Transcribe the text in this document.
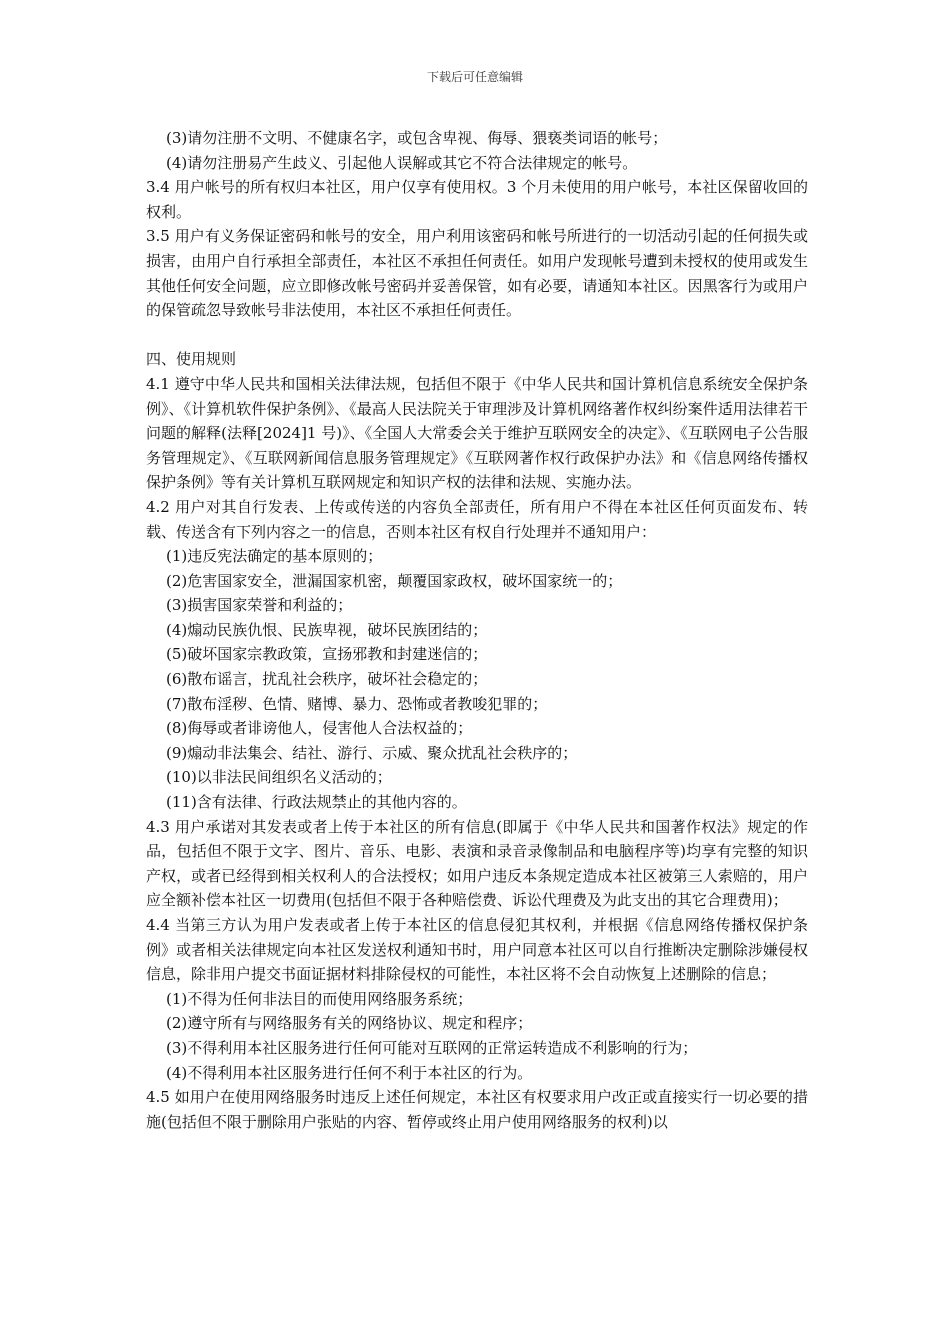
下载后可任意编辑

(3)请勿注册不文明、不健康名字，或包含卑视、侮辱、猥亵类词语的帐号；

(4)请勿注册易产生歧义、引起他人误解或其它不符合法律规定的帐号。

3.4 用户帐号的所有权归本社区，用户仅享有使用权。3 个月未使用的用户帐号，本社区保留收回的权利。

3.5 用户有义务保证密码和帐号的安全，用户利用该密码和帐号所进行的一切活动引起的任何损失或损害，由用户自行承担全部责任，本社区不承担任何责任。如用户发现帐号遭到未授权的使用或发生其他任何安全问题，应立即修改帐号密码并妥善保管，如有必要，请通知本社区。因黑客行为或用户的保管疏忽导致帐号非法使用，本社区不承担任何责任。

四、使用规则

4.1 遵守中华人民共和国相关法律法规，包括但不限于《中华人民共和国计算机信息系统安全保护条例》、《计算机软件保护条例》、《最高人民法院关于审理涉及计算机网络著作权纠纷案件适用法律若干问题的解释(法释[2024]1 号)》、《全国人大常委会关于维护互联网安全的决定》、《互联网电子公告服务管理规定》、《互联网新闻信息服务管理规定》《互联网著作权行政保护办法》和《信息网络传播权保护条例》等有关计算机互联网规定和知识产权的法律和法规、实施办法。

4.2 用户对其自行发表、上传或传送的内容负全部责任，所有用户不得在本社区任何页面发布、转载、传送含有下列内容之一的信息，否则本社区有权自行处理并不通知用户：

(1)违反宪法确定的基本原则的；

(2)危害国家安全，泄漏国家机密，颠覆国家政权，破坏国家统一的；

(3)损害国家荣誉和利益的；

(4)煽动民族仇恨、民族卑视，破坏民族团结的；

(5)破坏国家宗教政策，宣扬邪教和封建迷信的；

(6)散布谣言，扰乱社会秩序，破坏社会稳定的；

(7)散布淫秽、色情、赌博、暴力、恐怖或者教唆犯罪的；

(8)侮辱或者诽谤他人，侵害他人合法权益的；

(9)煽动非法集会、结社、游行、示威、聚众扰乱社会秩序的；

(10)以非法民间组织名义活动的；

(11)含有法律、行政法规禁止的其他内容的。

4.3 用户承诺对其发表或者上传于本社区的所有信息(即属于《中华人民共和国著作权法》规定的作品，包括但不限于文字、图片、音乐、电影、表演和录音录像制品和电脑程序等)均享有完整的知识产权，或者已经得到相关权利人的合法授权；如用户违反本条规定造成本社区被第三人索赔的，用户应全额补偿本社区一切费用(包括但不限于各种赔偿费、诉讼代理费及为此支出的其它合理费用)；

4.4 当第三方认为用户发表或者上传于本社区的信息侵犯其权利，并根据《信息网络传播权保护条例》或者相关法律规定向本社区发送权利通知书时，用户同意本社区可以自行推断决定删除涉嫌侵权信息，除非用户提交书面证据材料排除侵权的可能性，本社区将不会自动恢复上述删除的信息；

(1)不得为任何非法目的而使用网络服务系统；

(2)遵守所有与网络服务有关的网络协议、规定和程序；

(3)不得利用本社区服务进行任何可能对互联网的正常运转造成不利影响的行为；

(4)不得利用本社区服务进行任何不利于本社区的行为。

4.5 如用户在使用网络服务时违反上述任何规定，本社区有权要求用户改正或直接实行一切必要的措施(包括但不限于删除用户张贴的内容、暂停或终止用户使用网络服务的权利)以
